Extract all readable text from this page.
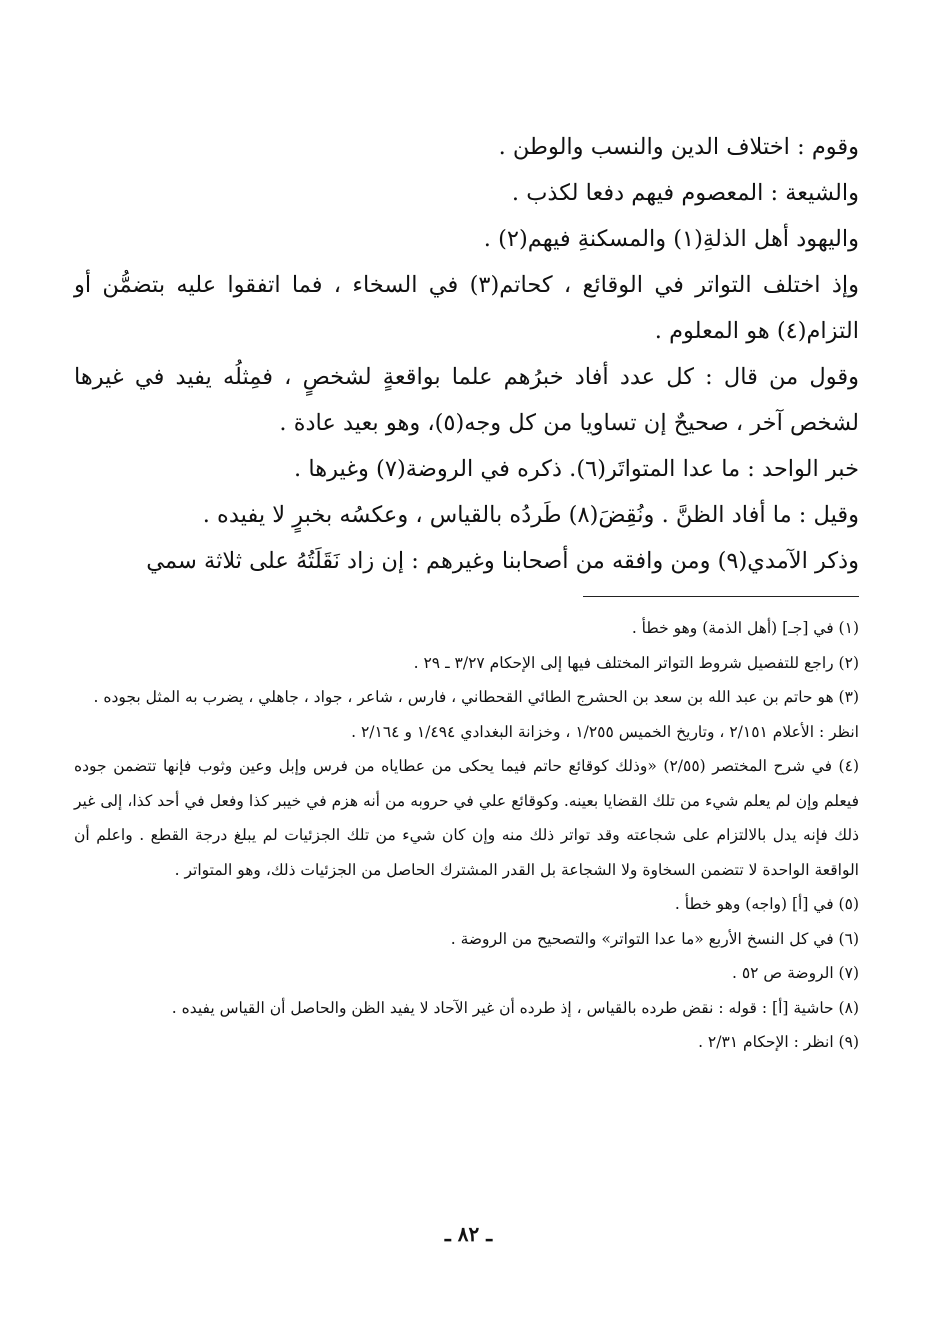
وقوم : اختلاف الدين والنسب والوطن .

والشيعة : المعصوم فيهم دفعا لكذب .

واليهود أهل الذلةِ(١) والمسكنةِ فيهم(٢) .

وإذ اختلف التواتر في الوقائع ، كحاتم(٣) في السخاء ، فما اتفقوا عليه بتضمُّن أو التزام(٤) هو المعلوم .

وقول من قال : كل عدد أفاد خبرُهم علما بواقعةٍ لشخصٍ ، فمِثلُه يفيد في غيرها لشخص آخر ، صحيحٌ إن تساويا من كل وجه(٥)، وهو بعيد عادة .

خبر الواحد : ما عدا المتواتَر(٦). ذكره في الروضة(٧) وغيرها .

وقيل : ما أفاد الظنَّ . ونُقِضَ(٨) طَردُه بالقياس ، وعكسُه بخبرٍ لا يفيده .

وذكر الآمدي(٩) ومن وافقه من أصحابنا وغيرهم : إن زاد نَقَلَتُهُ على ثلاثة سمي

(١) في [جـ] (أهل الذمة) وهو خطأ .

(٢) راجع للتفصيل شروط التواتر المختلف فيها إلى الإحكام ٣/٢٧ ـ ٢٩ .

(٣) هو حاتم بن عبد الله بن سعد بن الحشرج الطائي القحطاني ، فارس ، شاعر ، جواد ، جاهلي ، يضرب به المثل بجوده .

انظر : الأعلام ٢/١٥١ ، وتاريخ الخميس ١/٢٥٥ ، وخزانة البغدادي ١/٤٩٤ و ٢/١٦٤ .

(٤) في شرح المختصر (٢/٥٥) «وذلك كوقائع حاتم فيما يحكى من عطاياه من فرس وإبل وعين وثوب فإنها تتضمن جوده فيعلم وإن لم يعلم شيء من تلك القضايا بعينه. وكوقائع علي في حروبه من أنه هزم في خيبر كذا وفعل في أحد كذا، إلى غير ذلك فإنه يدل بالالتزام على شجاعته وقد تواتر ذلك منه وإن كان شيء من تلك الجزئيات لم يبلغ درجة القطع . واعلم أن الواقعة الواحدة لا تتضمن السخاوة ولا الشجاعة بل القدر المشترك الحاصل من الجزئيات ذلك، وهو المتواتر .

(٥) في [أ] (واجه) وهو خطأ .

(٦) في كل النسخ الأربع «ما عدا التواتر» والتصحيح من الروضة .

(٧) الروضة ص ٥٢ .

(٨) حاشية [أ] : قوله : نقض طرده بالقياس ، إذ طرده أن غير الآحاد لا يفيد الظن والحاصل أن القياس يفيده .

(٩) انظر : الإحكام ٢/٣١ .

ـ ٨٢ ـ
